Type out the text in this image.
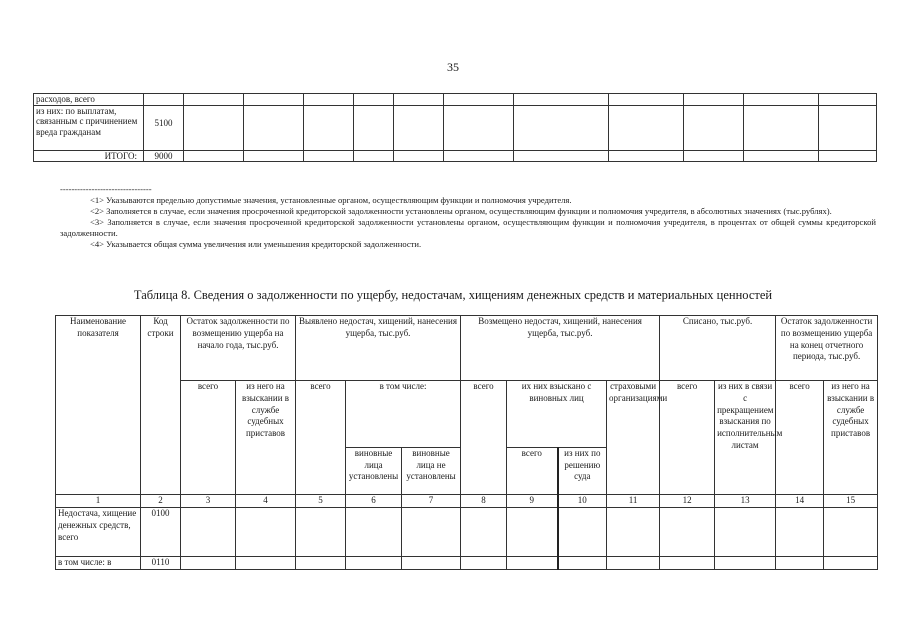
35
расходов, всего												
из них: по выплатам, связанным с причинением вреда гражданам	5100											
ИТОГО:	9000											
--------------------------------

<1> Указываются предельно допустимые значения, установленные органом, осуществляющим функции и полномочия учредителя.

<2> Заполняется в случае, если значения просроченной кредиторской задолженности установлены органом, осуществляющим функции и полномочия учредителя, в абсолютных значениях (тыс.рублях).

<3> Заполняется в случае, если значения просроченной кредиторской задолженности установлены органом, осуществляющим функции и полномочия учредителя, в процентах от общей суммы кредиторской задолженности.

<4> Указывается общая сумма увеличения или уменьшения кредиторской задолженности.

Таблица 8. Сведения о задолженности по ущербу, недостачам, хищениям денежных средств и материальных ценностей
Наименование показателя	Код строки	Остаток задолженности по возмещению ущерба на начало года, тыс.руб.		Выявлено недостач, хищений, нанесения ущерба, тыс.руб.			Возмещено недостач, хищений, нанесения ущерба, тыс.руб.				Списано, тыс.руб.		Остаток задолженности по возмещению ущерба на конец отчетного периода, тыс.руб.	
		всего	из него на взыскании в службе судебных приставов	всего	в том числе:		всего	их них взыскано с виновных лиц		страховыми организациями	всего	из них в связи с прекращением взыскания по исполнительным листам	всего	из него на взыскании в службе судебных приставов
					виновные лица установлены	виновные лица не установлены		всего	из них по решению суда					
1	2	3	4	5	6	7	8	9	10	11	12	13	14	15
Недостача, хищение денежных средств, всего	0100													
в том числе: в	0110													
